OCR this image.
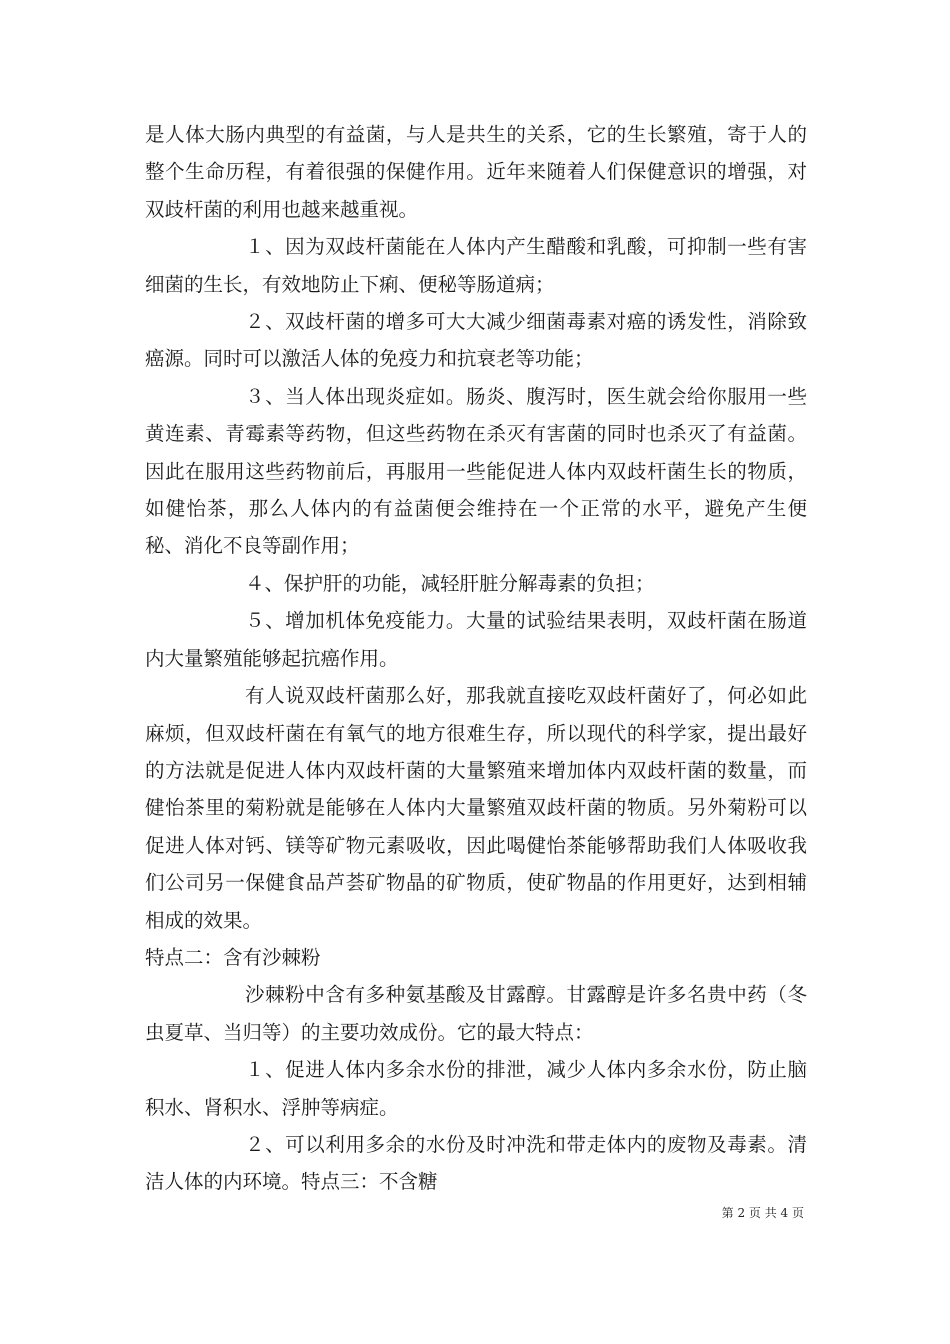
是人体大肠内典型的有益菌，与人是共生的关系，它的生长繁殖，寄于人的整个生命历程，有着很强的保健作用。近年来随着人们保健意识的增强，对双歧杆菌的利用也越来越重视。

１、因为双歧杆菌能在人体内产生醋酸和乳酸，可抑制一些有害细菌的生长，有效地防止下痢、便秘等肠道病；

２、双歧杆菌的增多可大大减少细菌毒素对癌的诱发性，消除致癌源。同时可以激活人体的免疫力和抗衰老等功能；

３、当人体出现炎症如。肠炎、腹泻时，医生就会给你服用一些黄连素、青霉素等药物，但这些药物在杀灭有害菌的同时也杀灭了有益菌。因此在服用这些药物前后，再服用一些能促进人体内双歧杆菌生长的物质，如健怡茶，那么人体内的有益菌便会维持在一个正常的水平，避免产生便秘、消化不良等副作用；

４、保护肝的功能，减轻肝脏分解毒素的负担；

５、增加机体免疫能力。大量的试验结果表明，双歧杆菌在肠道内大量繁殖能够起抗癌作用。

有人说双歧杆菌那么好，那我就直接吃双歧杆菌好了，何必如此麻烦，但双歧杆菌在有氧气的地方很难生存，所以现代的科学家，提出最好的方法就是促进人体内双歧杆菌的大量繁殖来增加体内双歧杆菌的数量，而健怡茶里的菊粉就是能够在人体内大量繁殖双歧杆菌的物质。另外菊粉可以促进人体对钙、镁等矿物元素吸收，因此喝健怡茶能够帮助我们人体吸收我们公司另一保健食品芦荟矿物晶的矿物质，使矿物晶的作用更好，达到相辅相成的效果。

特点二：含有沙棘粉

沙棘粉中含有多种氨基酸及甘露醇。甘露醇是许多名贵中药（冬虫夏草、当归等）的主要功效成份。它的最大特点：

１、促进人体内多余水份的排泄，减少人体内多余水份，防止脑积水、肾积水、浮肿等病症。

２、可以利用多余的水份及时冲洗和带走体内的废物及毒素。清洁人体的内环境。特点三：不含糖

第 2 页 共 4 页
